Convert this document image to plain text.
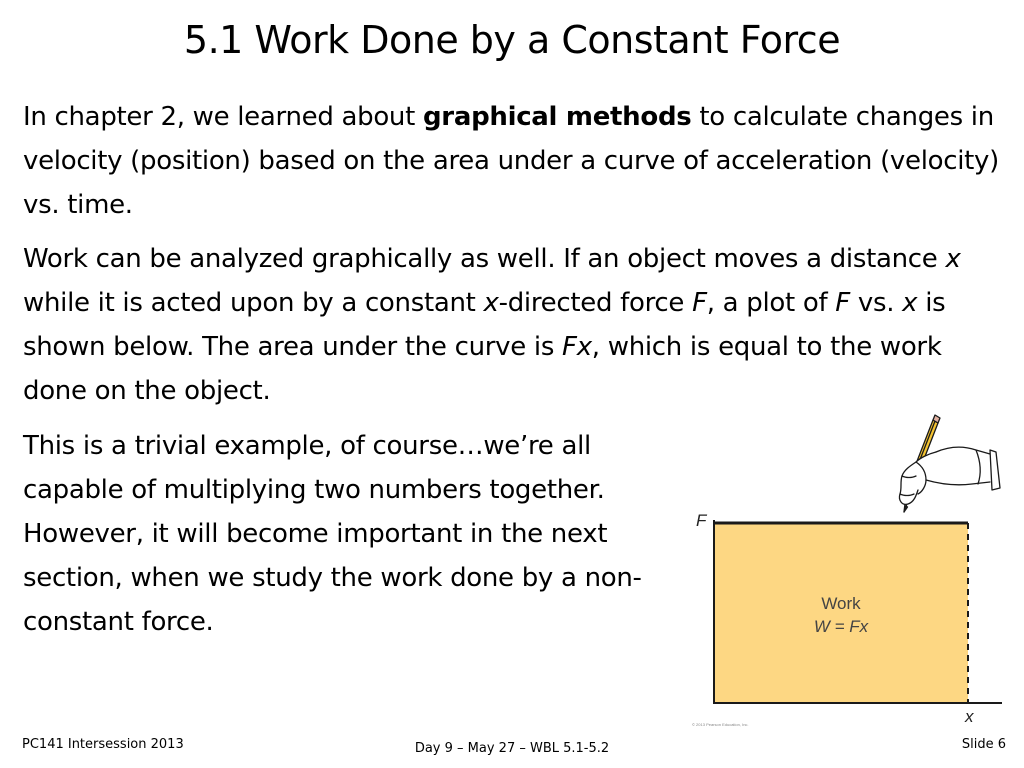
5.1 Work Done by a Constant Force
In chapter 2, we learned about graphical methods to calculate changes in velocity (position) based on the area under a curve of acceleration (velocity) vs. time.
Work can be analyzed graphically as well. If an object moves a distance x while it is acted upon by a constant x-directed force F, a plot of F vs. x is shown below. The area under the curve is Fx, which is equal to the work done on the object.
This is a trivial example, of course…we’re all capable of multiplying two numbers together. However, it will become important in the next section, when we study the work done by a non-constant force.
F
x
Work
W = Fx
© 2013 Pearson Education, Inc.
PC141 Intersession 2013	Day 9 – May 27 – WBL 5.1-5.2	Slide 6
